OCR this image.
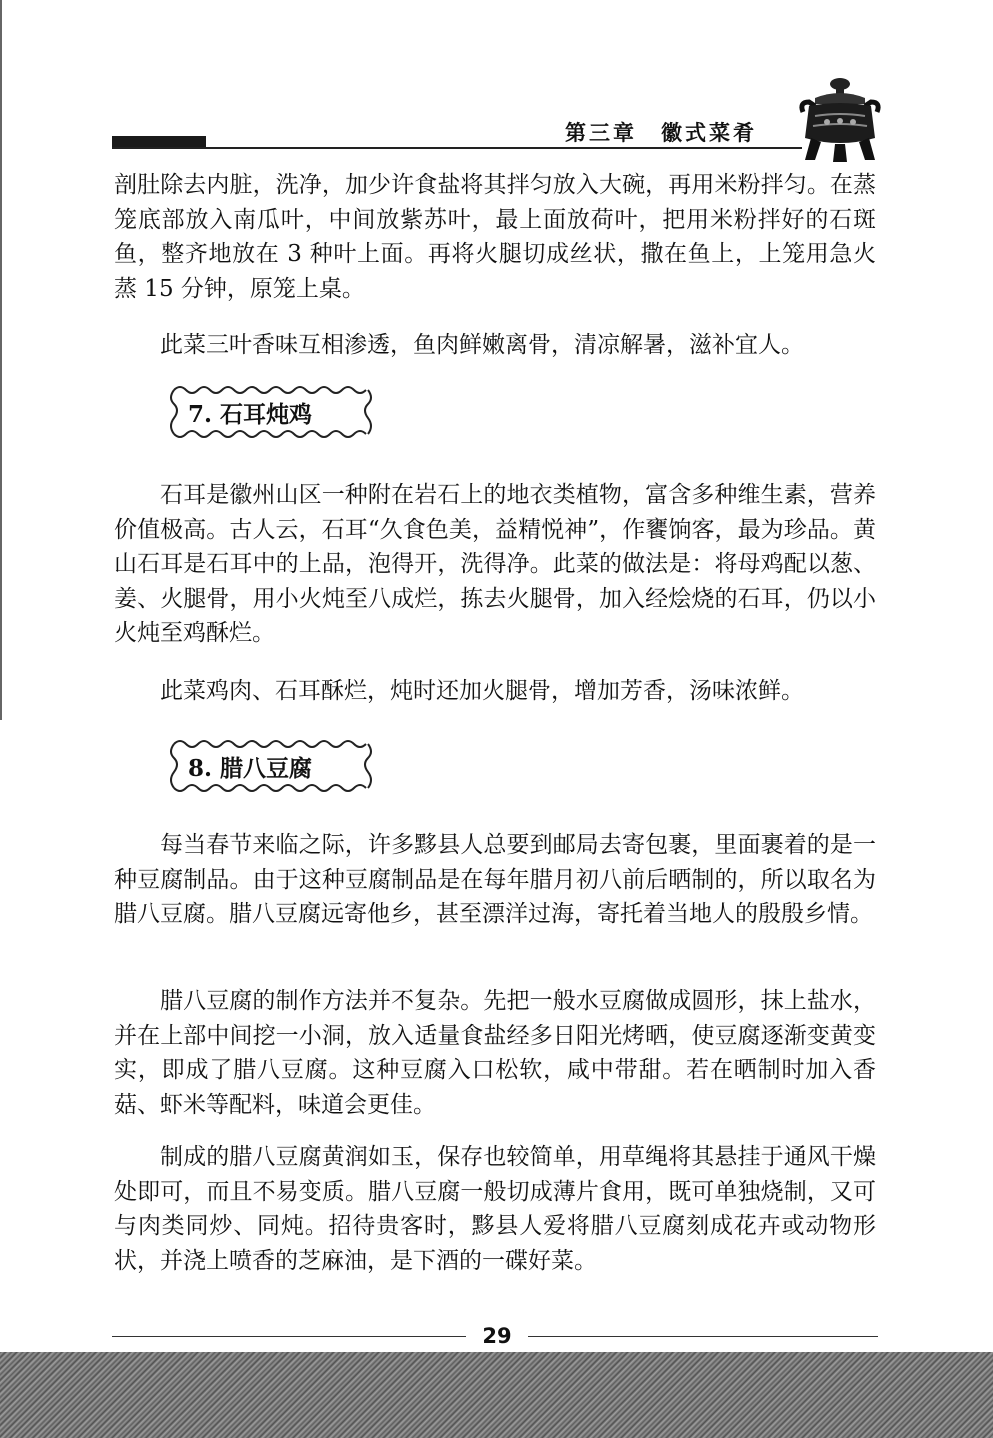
第三章　徽式菜肴

剖肚除去内脏，洗净，加少许食盐将其拌匀放入大碗，再用米粉拌匀。在蒸笼底部放入南瓜叶，中间放紫苏叶，最上面放荷叶，把用米粉拌好的石斑鱼，整齐地放在 3 种叶上面。再将火腿切成丝状，撒在鱼上，上笼用急火蒸 15 分钟，原笼上桌。

此菜三叶香味互相渗透，鱼肉鲜嫩离骨，清凉解暑，滋补宜人。

7. 石耳炖鸡

石耳是徽州山区一种附在岩石上的地衣类植物，富含多种维生素，营养价值极高。古人云，石耳“久食色美，益精悦神”，作饔饷客，最为珍品。黄山石耳是石耳中的上品，泡得开，洗得净。此菜的做法是：将母鸡配以葱、姜、火腿骨，用小火炖至八成烂，拣去火腿骨，加入经烩烧的石耳，仍以小火炖至鸡酥烂。

此菜鸡肉、石耳酥烂，炖时还加火腿骨，增加芳香，汤味浓鲜。

8. 腊八豆腐

每当春节来临之际，许多黟县人总要到邮局去寄包裹，里面裹着的是一种豆腐制品。由于这种豆腐制品是在每年腊月初八前后晒制的，所以取名为腊八豆腐。腊八豆腐远寄他乡，甚至漂洋过海，寄托着当地人的殷殷乡情。

腊八豆腐的制作方法并不复杂。先把一般水豆腐做成圆形，抹上盐水，并在上部中间挖一小洞，放入适量食盐经多日阳光烤晒，使豆腐逐渐变黄变实，即成了腊八豆腐。这种豆腐入口松软，咸中带甜。若在晒制时加入香菇、虾米等配料，味道会更佳。

制成的腊八豆腐黄润如玉，保存也较简单，用草绳将其悬挂于通风干燥处即可，而且不易变质。腊八豆腐一般切成薄片食用，既可单独烧制，又可与肉类同炒、同炖。招待贵客时，黟县人爱将腊八豆腐刻成花卉或动物形状，并浇上喷香的芝麻油，是下酒的一碟好菜。

29
